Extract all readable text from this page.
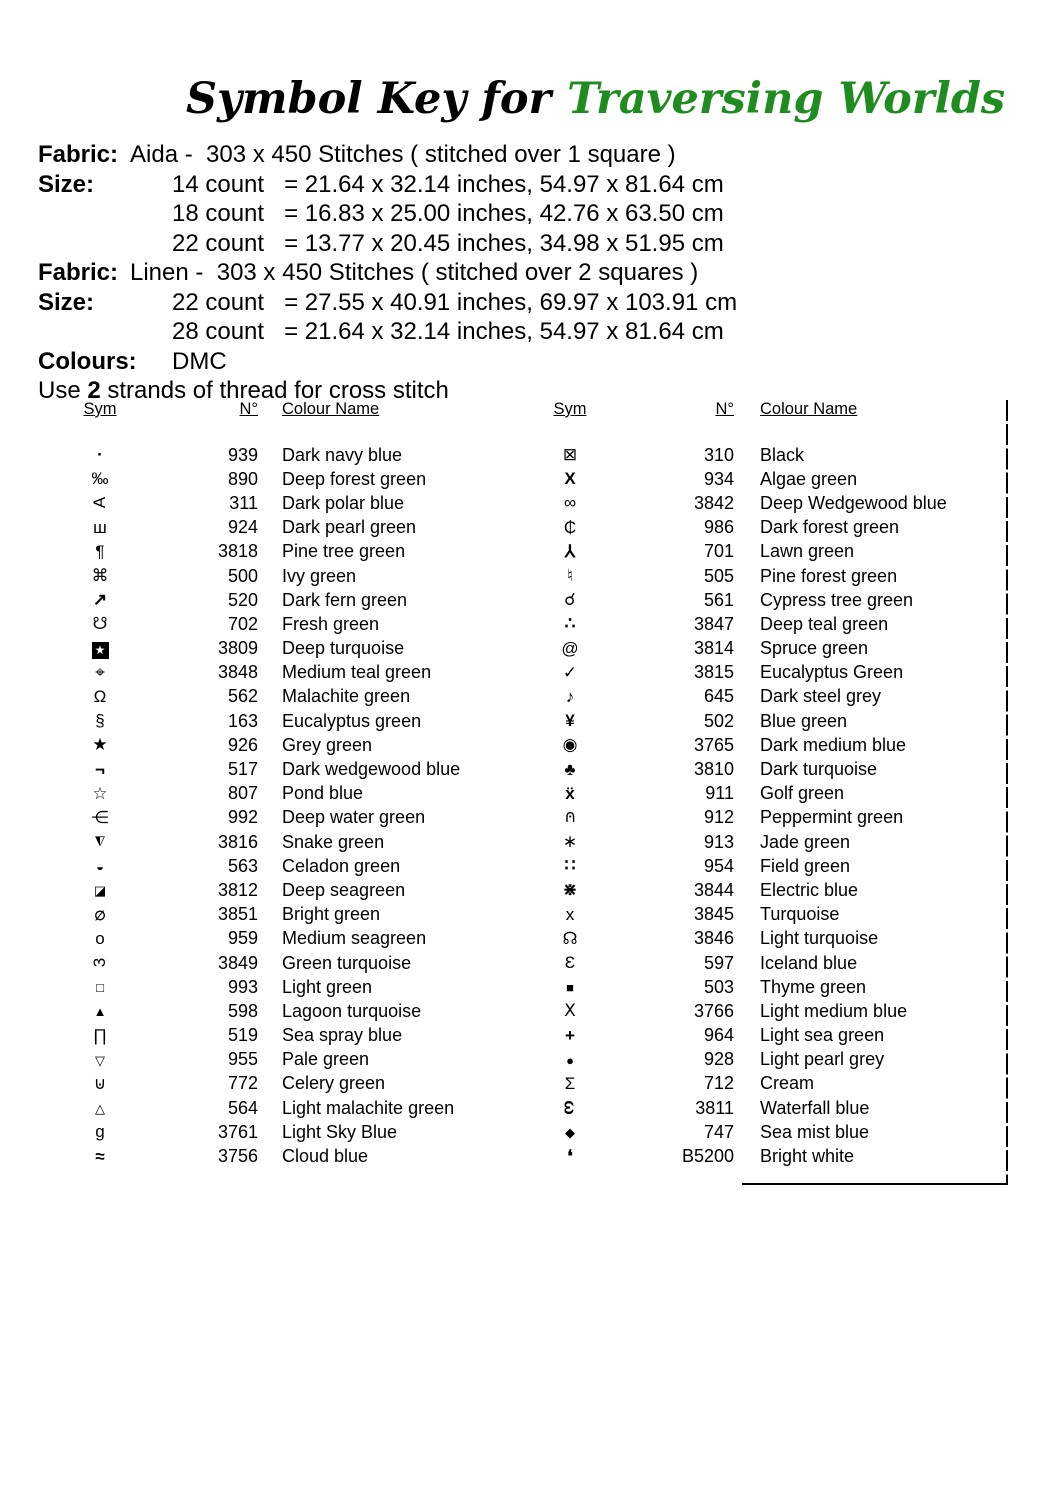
Symbol Key for Traversing Worlds
Fabric: Aida -  303 x 450 Stitches ( stitched over 1 square )
Size:	14 count   = 21.64 x 32.14 inches, 54.97 x 81.64 cm
18 count   = 16.83 x 25.00 inches, 42.76 x 63.50 cm
22 count   = 13.77 x 20.45 inches, 34.98 x 51.95 cm
Fabric: Linen -  303 x 450 Stitches ( stitched over 2 squares )
Size:	22 count   = 27.55 x 40.91 inches, 69.97 x 103.91 cm
28 count   = 21.64 x 32.14 inches, 54.97 x 81.64 cm
Colours: DMC
Use 2 strands of thread for cross stitch
Sym	N°	Colour Name
·	939	Dark navy blue
‰	890	Deep forest green
A	311	Dark polar blue
ш	924	Dark pearl green
¶	3818	Pine tree green
⌘	500	Ivy green
↗	520	Dark fern green
☋	702	Fresh green
★	3809	Deep turquoise
⌖	3848	Medium teal green
Ω	562	Malachite green
§	163	Eucalyptus green
★	926	Grey green
¬	517	Dark wedgewood blue
☆	807	Pond blue
⋲	992	Deep water green
◮	3816	Snake green
◒	563	Celadon green
◪	3812	Deep seagreen
∅	3851	Bright green
o	959	Medium seagreen
3	3849	Green turquoise
□	993	Light green
▲	598	Lagoon turquoise
∏	519	Sea spray blue
▽	955	Pale green
⊍	772	Celery green
△	564	Light malachite green
g	3761	Light Sky Blue
≈	3756	Cloud blue
Sym	N°	Colour Name
⊠	310	Black
X	934	Algae green
∞	3842	Deep Wedgewood blue
₵	986	Dark forest green
⅄	701	Lawn green
♮	505	Pine forest green
☌	561	Cypress tree green
∴	3847	Deep teal green
@	3814	Spruce green
✓	3815	Eucalyptus Green
♪	645	Dark steel grey
¥	502	Blue green
◉	3765	Dark medium blue
♣	3810	Dark turquoise
ẍ	911	Golf green
⊍	912	Peppermint green
∗	913	Jade green
∷	954	Field green
⋇	3844	Electric blue
x	3845	Turquoise
☊	3846	Light turquoise
Ɛ	597	Iceland blue
■	503	Thyme green
Ⅹ	3766	Light medium blue
+	964	Light sea green
●	928	Light pearl grey
Σ	712	Cream
ω	3811	Waterfall blue
◆	747	Sea mist blue
❛	B5200	Bright white
